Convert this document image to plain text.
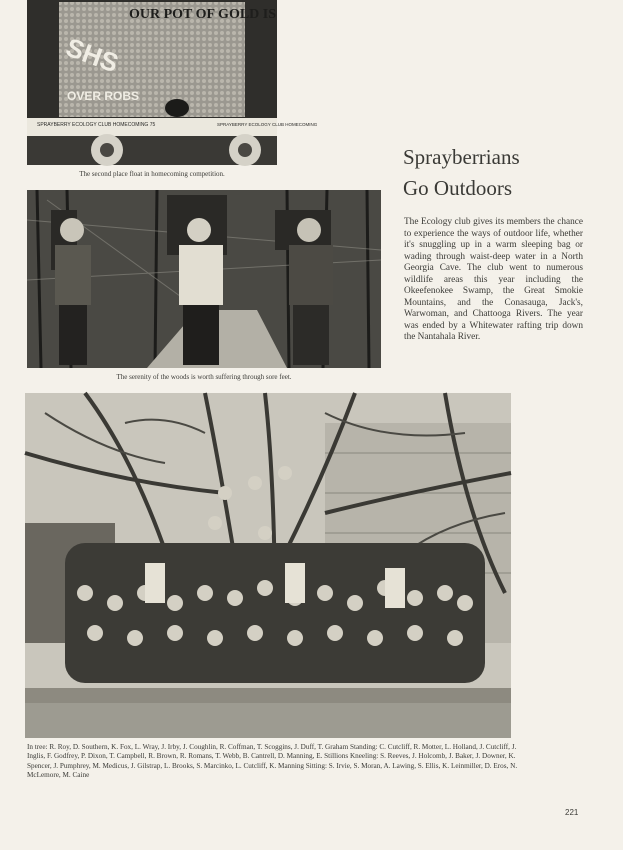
OUR POT OF GOLD IS
SHS
OVER ROBS
SPRAYBERRY ECOLOGY CLUB HOMECOMING 75	SPRAYBERRY ECOLOGY CLUB HOMECOMING
The second place float in homecoming competition.
The serenity of the woods is worth suffering through sore feet.
Sprayberrians
Go Outdoors
The Ecology club gives its members the chance to experience the ways of outdoor life, whether it's snuggling up in a warm sleeping bag or wading through waist-deep water in a North Georgia Cave. The club went to numerous wildlife areas this year including the Okeefenokee Swamp, the Great Smokie Mountains, and the Conasauga, Jack's, Warwoman, and Chattooga Rivers. The year was ended by a Whitewater rafting trip down the Nantahala River.
In tree: R. Roy, D. Southern, K. Fox, L. Wray, J. Irby, J. Coughlin, R. Coffman, T. Scoggins, J. Duff, T. Graham Standing: C. Cutcliff, R. Motter, L. Holland, J. Cutcliff, J. Inglis, F. Godfrey, P. Dixon, T. Campbell, R. Brown, R. Romans, T. Webb, B. Cantrell, D. Manning, E. Stillions Kneeling: S. Reeves, J. Holcomb, J. Baker, J. Downer, K. Spencer, J. Pumphrey, M. Medicus, J. Gilstrap, L. Brooks, S. Marcinko, L. Cutcliff, K. Manning Sitting: S. Irvie, S. Moran, A. Lawing, S. Ellis, K. Leinmiller, D. Eros, N. McLemore, M. Caine
221
